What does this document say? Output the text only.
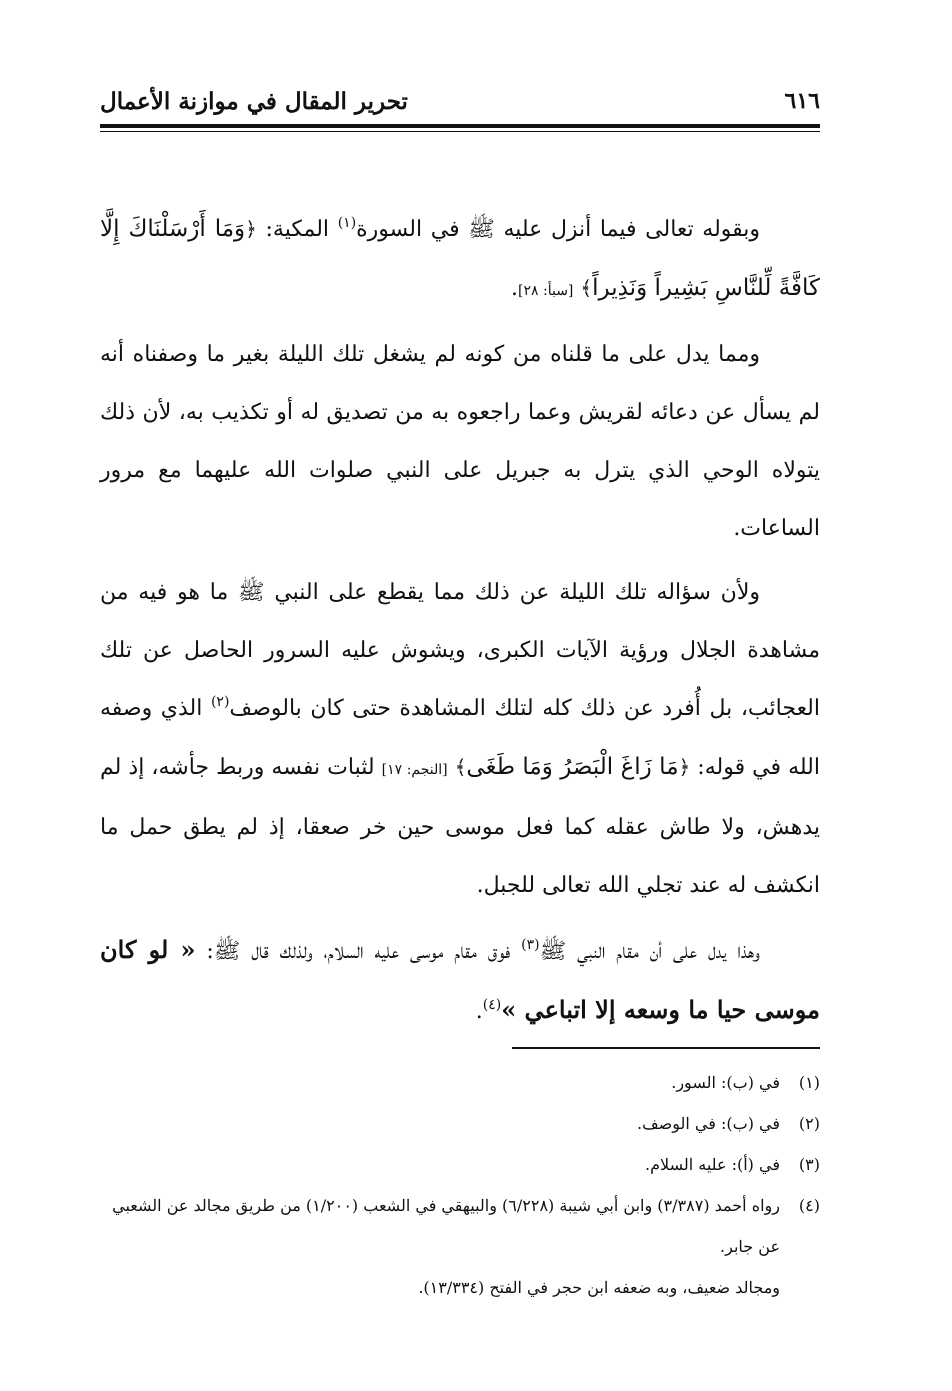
تحرير المقال في موازنة الأعمال	٦١٦

وبقوله تعالى فيما أنزل عليه ﷺ في السورة$^{(١)}$ المكية: ﴿وَمَا أَرْسَلْنَاكَ إِلَّا كَافَّةً لِّلنَّاسِ بَشِيراً وَنَذِيراً﴾ [سبأ: ٢٨].

ومما يدل على ما قلناه من كونه لم يشغل تلك الليلة بغير ما وصفناه أنه لم يسأل عن دعائه لقريش وعما راجعوه به من تصديق له أو تكذيب به، لأن ذلك يتولاه الوحي الذي يترل به جبريل على النبي صلوات الله عليهما مع مرور الساعات.

ولأن سؤاله تلك الليلة عن ذلك مما يقطع على النبي ﷺ ما هو فيه من مشاهدة الجلال ورؤية الآيات الكبرى، ويشوش عليه السرور الحاصل عن تلك العجائب، بل أُفرد عن ذلك كله لتلك المشاهدة حتى كان بالوصف$^{(٢)}$ الذي وصفه الله في قوله: ﴿مَا زَاغَ الْبَصَرُ وَمَا طَغَى﴾ [النجم: ١٧] لثبات نفسه وربط جأشه، إذ لم يدهش، ولا طاش عقله كما فعل موسى حين خر صعقا، إذ لم يطق حمل ما انكشف له عند تجلي الله تعالى للجبل.

وهذا يدل على أن مقام النبي ﷺ$^{(٣)}$ فوق مقام موسى عليه السلام، ولذلك قال ﷺ: « لو كان موسى حيا ما وسعه إلا اتباعي »$^{(٤)}$.

(١)
في (ب): السور.

(٢)
في (ب): في الوصف.

(٣)
في (أ): عليه السلام.

(٤)
رواه أحمد (٣/٣٨٧) وابن أبي شيبة (٦/٢٢٨) والبيهقي في الشعب (١/٢٠٠) من طريق مجالد عن الشعبي عن جابر.

ومجالد ضعيف، وبه ضعفه ابن حجر في الفتح (١٣/٣٣٤).
